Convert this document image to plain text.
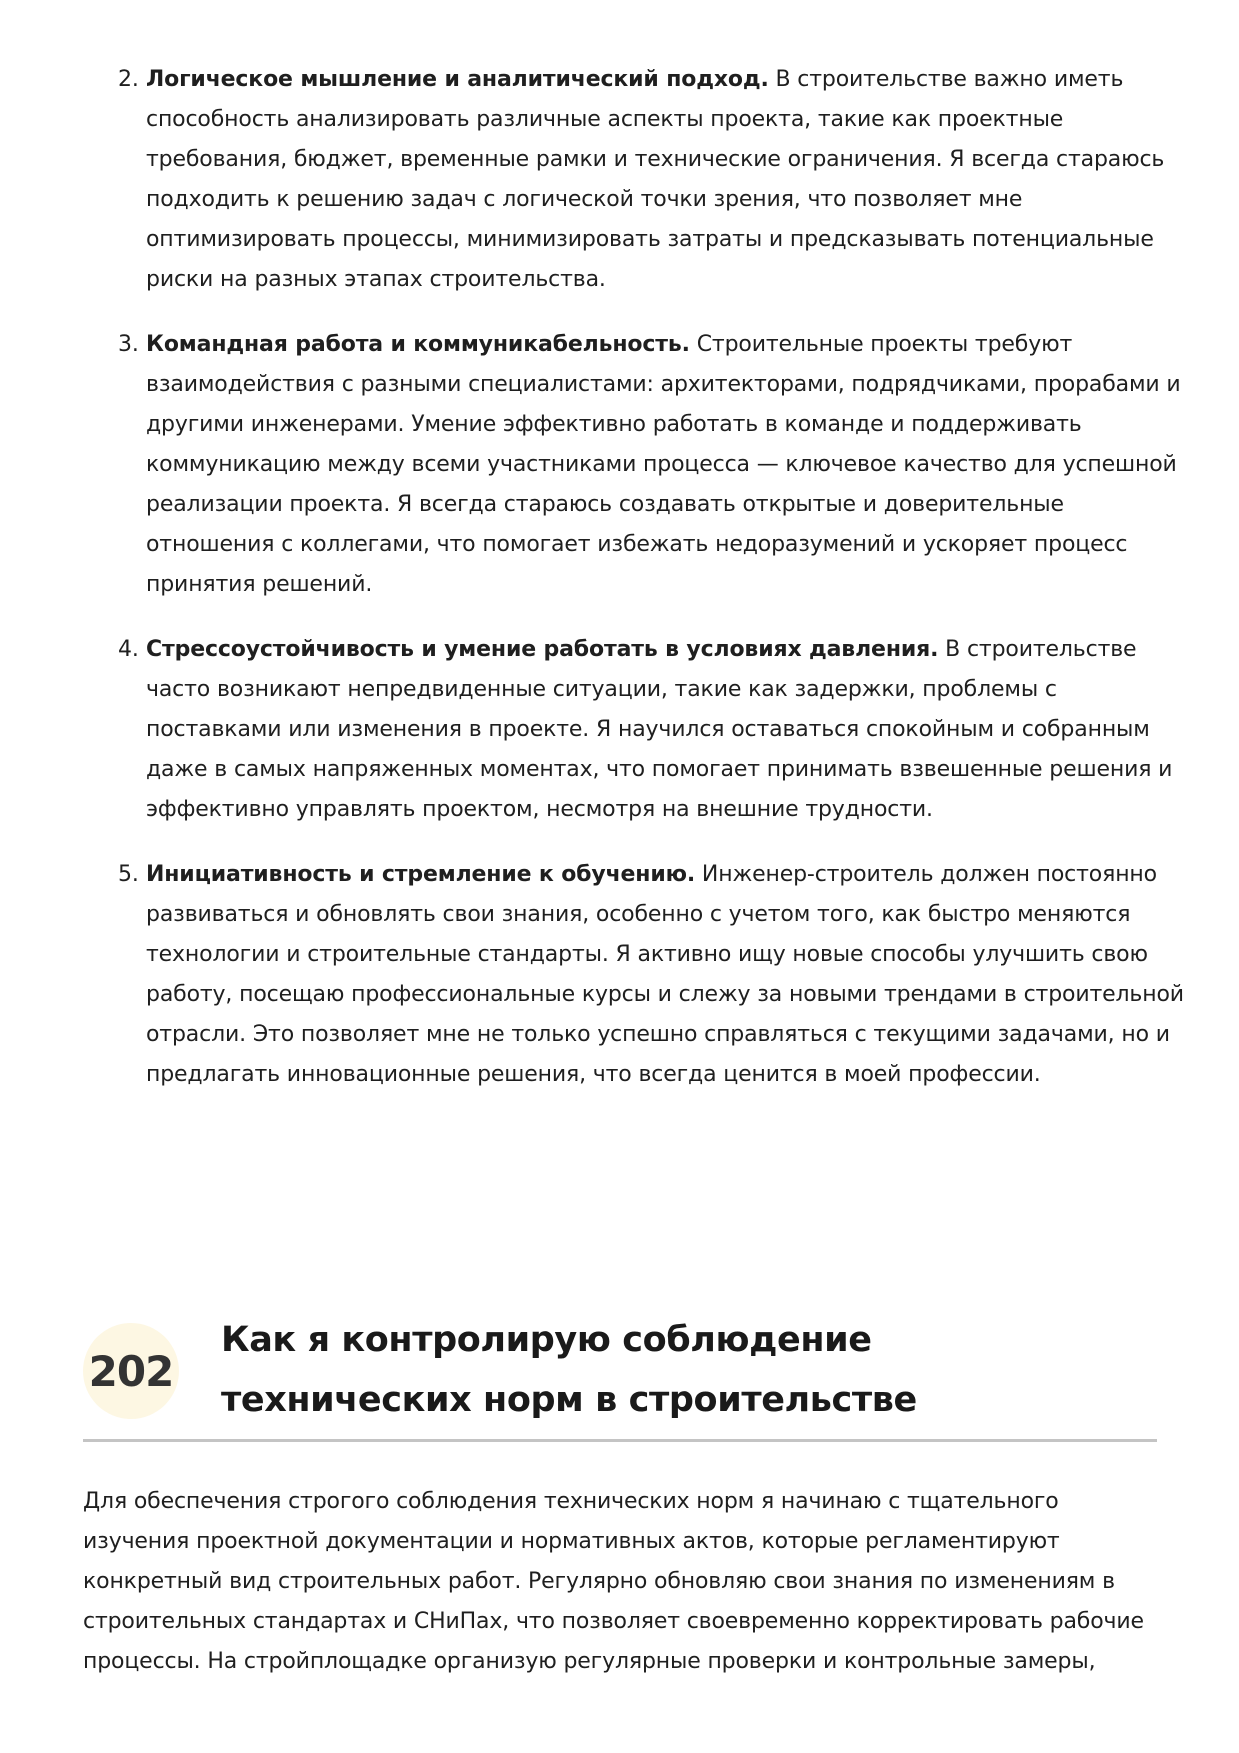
2. Логическое мышление и аналитический подход. В строительстве важно иметь способность анализировать различные аспекты проекта, такие как проектные требования, бюджет, временные рамки и технические ограничения. Я всегда стараюсь подходить к решению задач с логической точки зрения, что позволяет мне оптимизировать процессы, минимизировать затраты и предсказывать потенциальные риски на разных этапах строительства.
3. Командная работа и коммуникабельность. Строительные проекты требуют взаимодействия с разными специалистами: архитекторами, подрядчиками, прорабами и другими инженерами. Умение эффективно работать в команде и поддерживать коммуникацию между всеми участниками процесса — ключевое качество для успешной реализации проекта. Я всегда стараюсь создавать открытые и доверительные отношения с коллегами, что помогает избежать недоразумений и ускоряет процесс принятия решений.
4. Стрессоустойчивость и умение работать в условиях давления. В строительстве часто возникают непредвиденные ситуации, такие как задержки, проблемы с поставками или изменения в проекте. Я научился оставаться спокойным и собранным даже в самых напряженных моментах, что помогает принимать взвешенные решения и эффективно управлять проектом, несмотря на внешние трудности.
5. Инициативность и стремление к обучению. Инженер-строитель должен постоянно развиваться и обновлять свои знания, особенно с учетом того, как быстро меняются технологии и строительные стандарты. Я активно ищу новые способы улучшить свою работу, посещаю профессиональные курсы и слежу за новыми трендами в строительной отрасли. Это позволяет мне не только успешно справляться с текущими задачами, но и предлагать инновационные решения, что всегда ценится в моей профессии.
202
Как я контролирую соблюдение технических норм в строительстве

Для обеспечения строгого соблюдения технических норм я начинаю с тщательного изучения проектной документации и нормативных актов, которые регламентируют конкретный вид строительных работ. Регулярно обновляю свои знания по изменениям в строительных стандартах и СНиПах, что позволяет своевременно корректировать рабочие процессы. На стройплощадке организую регулярные проверки и контрольные замеры,
